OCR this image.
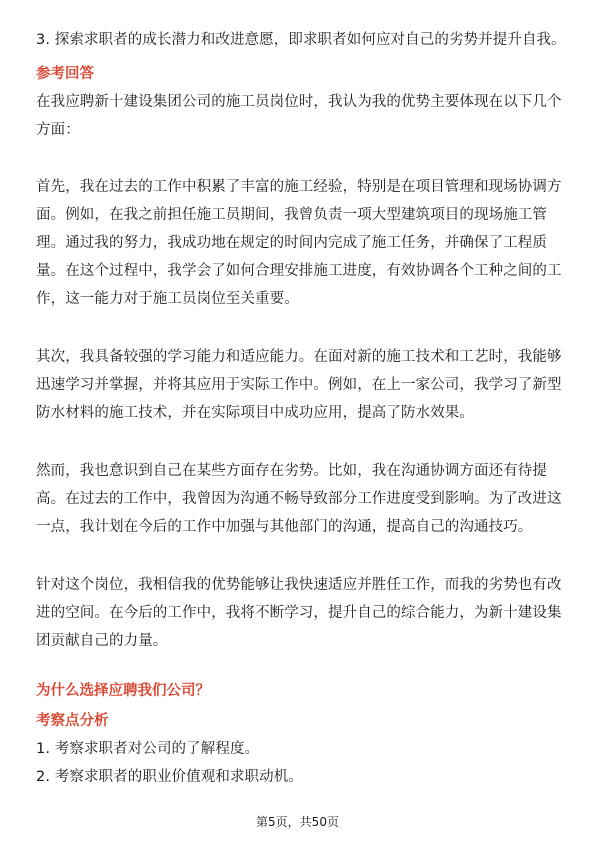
3. 探索求职者的成长潜力和改进意愿，即求职者如何应对自己的劣势并提升自我。
参考回答
在我应聘新十建设集团公司的施工员岗位时，我认为我的优势主要体现在以下几个
方面：
首先，我在过去的工作中积累了丰富的施工经验，特别是在项目管理和现场协调方
面。例如，在我之前担任施工员期间，我曾负责一项大型建筑项目的现场施工管
理。通过我的努力，我成功地在规定的时间内完成了施工任务，并确保了工程质
量。在这个过程中，我学会了如何合理安排施工进度，有效协调各个工种之间的工
作，这一能力对于施工员岗位至关重要。
其次，我具备较强的学习能力和适应能力。在面对新的施工技术和工艺时，我能够
迅速学习并掌握，并将其应用于实际工作中。例如，在上一家公司，我学习了新型
防水材料的施工技术，并在实际项目中成功应用，提高了防水效果。
然而，我也意识到自己在某些方面存在劣势。比如，我在沟通协调方面还有待提
高。在过去的工作中，我曾因为沟通不畅导致部分工作进度受到影响。为了改进这
一点，我计划在今后的工作中加强与其他部门的沟通，提高自己的沟通技巧。
针对这个岗位，我相信我的优势能够让我快速适应并胜任工作，而我的劣势也有改
进的空间。在今后的工作中，我将不断学习，提升自己的综合能力，为新十建设集
团贡献自己的力量。
为什么选择应聘我们公司？
考察点分析
1. 考察求职者对公司的了解程度。
2. 考察求职者的职业价值观和求职动机。
第5页，共50页
